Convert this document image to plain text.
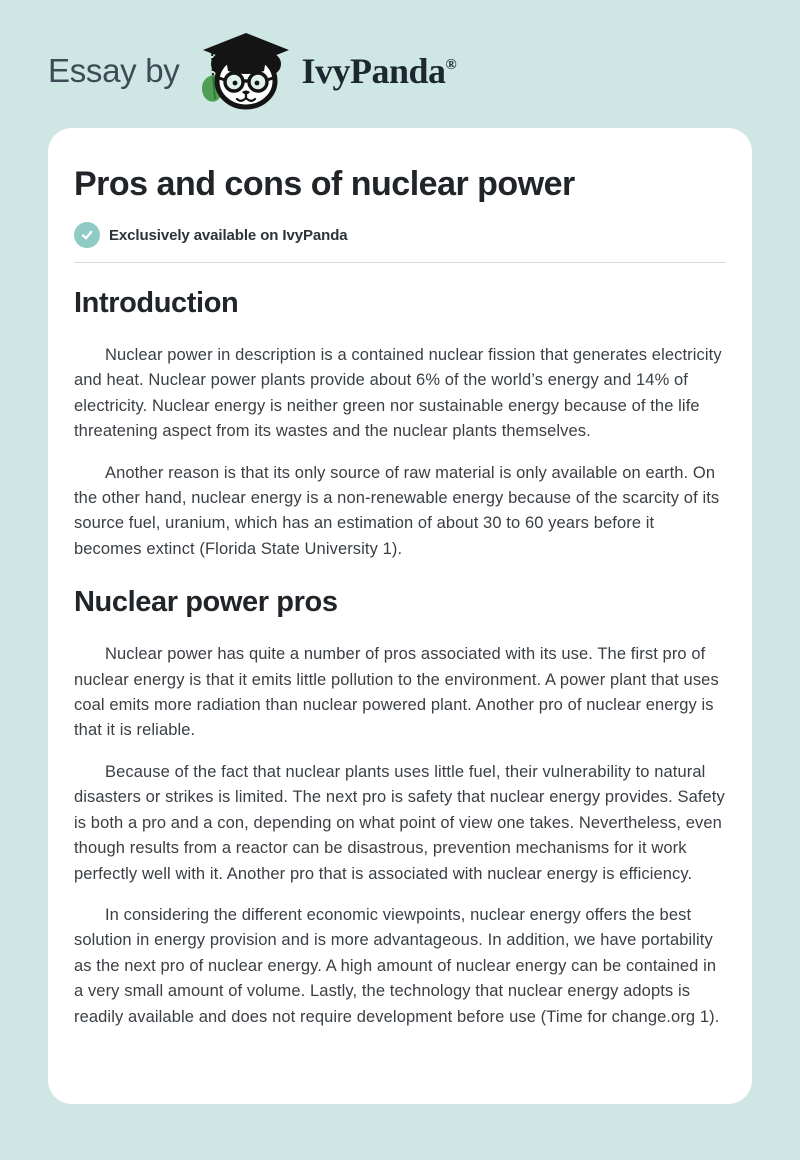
Essay by	IvyPanda®
Pros and cons of nuclear power
Exclusively available on IvyPanda
Introduction

Nuclear power in description is a contained nuclear fission that generates electricity and heat. Nuclear power plants provide about 6% of the world’s energy and 14% of electricity. Nuclear energy is neither green nor sustainable energy because of the life threatening aspect from its wastes and the nuclear plants themselves.

Another reason is that its only source of raw material is only available on earth. On the other hand, nuclear energy is a non-renewable energy because of the scarcity of its source fuel, uranium, which has an estimation of about 30 to 60 years before it becomes extinct (Florida State University 1).

Nuclear power pros

Nuclear power has quite a number of pros associated with its use. The first pro of nuclear energy is that it emits little pollution to the environment. A power plant that uses coal emits more radiation than nuclear powered plant. Another pro of nuclear energy is that it is reliable.

Because of the fact that nuclear plants uses little fuel, their vulnerability to natural disasters or strikes is limited. The next pro is safety that nuclear energy provides. Safety is both a pro and a con, depending on what point of view one takes. Nevertheless, even though results from a reactor can be disastrous, prevention mechanisms for it work perfectly well with it. Another pro that is associated with nuclear energy is efficiency.

In considering the different economic viewpoints, nuclear energy offers the best solution in energy provision and is more advantageous. In addition, we have portability as the next pro of nuclear energy. A high amount of nuclear energy can be contained in a very small amount of volume. Lastly, the technology that nuclear energy adopts is readily available and does not require development before use (Time for change.org 1).
